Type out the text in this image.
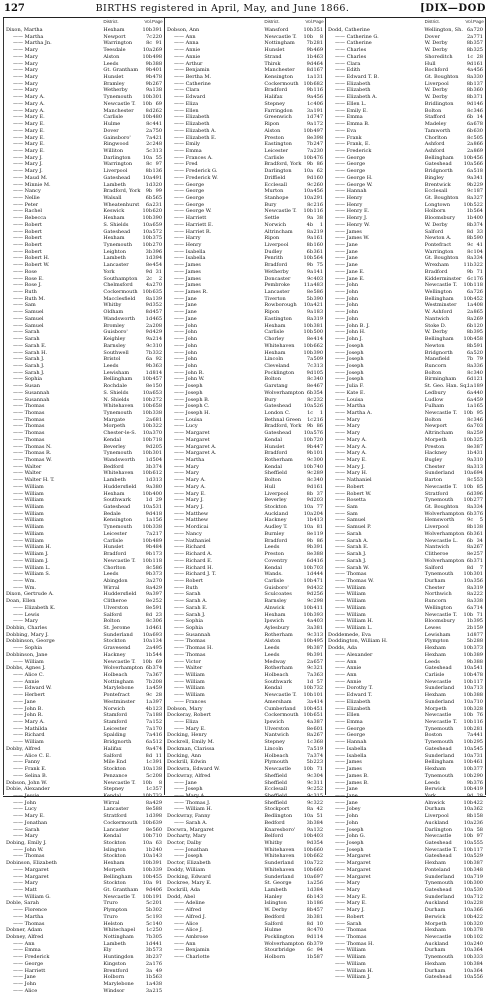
127	BIRTHS registered in April, May, and June 1866.	[DIX—DOD
District.	Vol. Page
Dixon, Martha	Hexham	10b 391
—— Martha	Newport	7c 220
—— Martha Jn.	Warrington	8c 91
—— Mary	Teesdale	10a 269
—— Mary	Alston	10b 498
—— Mary	Leeds	9b 388
—— Mary	Gt. Grantham	9b 401
—— Mary	Hunslet	9b 478
—— Mary	Bramley	9b 267
—— Mary	Wetherby	9a 138
—— Mary A.	Tynemouth	10b 301
—— Mary A.	Newcastle T.	10b 69
—— Mary A.	Manchester	8d 262
—— Mary E.	Carlisle	10b 480
—— Mary E.	Hulme	8c 441
—— Mary E.	Dover	2a 750
—— Mary E.	Gainsboro'	7a 421
—— Mary E.	Ringwood	2c 248
—— Mary E.	Williton	5c 313
—— Mary J.	Darlington	10a 55
—— Mary J.	Warrington	8c 97
—— Mary J.	Liverpool	8b 136
—— Maud M.	Gateshead	10a 491
—— Minnie M.	Lambeth	1d 320
—— Nancy	Bradford, York	9b 99
—— Nellie	Walsall	6b 565
—— Peter	Wheatenhurst	6a 231
—— Rachel	Keswick	10b 620
—— Rebecca	Hexham	10b 390
—— Robert	S. Shields	10a 659
—— Robert	Gateshead	10a 572
—— Robert	Hexham	10b 375
—— Robert	Tynemouth	10b 270
—— Robert	Leighton	3b 396
—— Robert H.	Lambeth	1d 394
—— Robert W.	Lancaster	8e 454
—— Rose	York	9d 31
—— Rose E.	Southampton	2c	2
—— Rose J.	Chelmsford	4a 270
—— Ruth	Cockermouth 10b 635
—— Ruth M.	Macclesfield	8a 139
—— Sam	Whitby	9d 352
—— Samuel	Oldham	8d 457
—— Samuel	Wandsworth	1d 465
—— Samuel	Bromley	2a 208
—— Sarah	Guisboro'	9d 429
—— Sarah	Keighley	9a 214
—— Sarah E.	Barnsley	9c 310
—— Sarah H.	Southwell	7b 332
—— Sarah J.	Bristol	6a 92
—— Sarah J.	Leeds	9b 363
—— Sarah J.	Lewisham	1d 814
—— Sophia	Bellingham	10b 457
—— Susan	Rochdale	8e 150
—— Susannah	S. Shields	10a 653
—— Susannah	N. Shields	10b 272
—— Thomas	Whitehaven	10b 658
—— Thomas	Tynemouth	10b 338
—— Thomas	Margate	2a 681
—— Thomas	Morpeth	10b 322
—— Thomas	Chester-le-S.	10a 370
—— Thomas	Kendal	10b 718
—— Thomas N.	Beverley	9d 205
—— Thomas R.	Tynemouth	10b 301
—— Thomas W.	Wandsworth	1d 504
—— Walter	Bedford	3b 374
—— Walter	Whitehaven	10b 612
—— Walter H. T.	Lambeth	1d 313
—— William	Huddersfield	9a 380
—— William	Hexham	10b 400
—— William	Southwark	1d 29
—— William	Gateshead	10a 531
—— William	Bedale	9d 418
—— William	Kensington	1a 156
—— William	Tynemouth	10b 338
—— William	Leicester	7a 217
—— William	Carlisle	10b 489
—— William H.	Hunslet	9b 484
—— William J.	Bradford	9b 173
—— William J.	Newcastle T.	10b 118
—— William L.	Chorlton	8c 586
—— William S.	Leeds	9b 373
—— Wm.	Abingdon	3a 270
—— Wm.	Wirral	8a 429
Dixon, Gertrude A.	Huddersfield	9a 397
Doan, Ellen	Clitheroe	8e 252
—— Elizabeth K.	Ulverston	8e 591
—— Lewis	Salford	8d 23
—— Mary	Bolton	8c 306
Dobbin, Charles	St. Jerome	1d 461
Dobbing, Mary J.	Sunderland	10a 693
Dobbinson, George	Stockton	10a 134
—— Sophia	Gravesend	2a 495
Dobbinson, Jane	Hackney	1b 544
—— William	Newcastle T.	10b 69
Dobbs, Agnes J.	Wolverhampton 6b 374
—— Alice C.	Holbeach	7a 367
—— Annie	Nottingham	7b 208
—— Edward W.	Marylebone	1a 459
—— Herbert	Pontefract	9c 28
—— Jane	Westminster	1a 397
—— John B.	Norwich	4b 123
—— John R.	Stamford	7a 188
—— Mary A.	Stamford	7a 152
—— Mathilda	Leicester	7a 170
—— Richard	Spalding	7a 416
—— William	Bridgnorth	6a 512
Dobby, Alfred	Halifax	9a 474
—— Alice C. E.	Salford	8d 11
—— Fanny	Mile End	1c 391
—— Frank E.	Stockton	10a 138
—— Selina B.	Penzance	5c 208
Dobson, John W.	Newcastle T.	10b	8
Dobie, Alexander	Stepney	1c 357
—— Jessie	Kendal	10b 733
—— John	Wirral	8a 429
—— Lucy	Lancaster	8e 588
—— Mary E.	Stratford	1d 398
—— Jonathan	Cockermouth 10b 639
—— Sarah	Lancaster	8e 560
—— Mary	Kendal	10b 710
Dobing, Emily J.	Stockton	10a 63
—— John W.	Islington	1b 240
—— Thomas	Stockton	10a 143
Dobinson, Elizabeth	Hexham	10b 391
—— Margaret	Morpeth	10b 339
—— Margaret	Bellingham	10b 455
—— Mary	Stockton	10a 91
—— Matt	Gt. Grantham	9d 406
—— William G.	Newcastle T.	10b 191
Doble, Sarah	Truro	5c 201
—— Florence	Plympton	5b 302
—— Martha	Truro	5c 193
—— Thomas	Helston	5c 140
Dobner, Adam	Whitechapel	1c 250
Dobney, Alfred	Nottingham	7b 305
—— Ann	Lambeth	1d 441
—— Emma	Ely	3b 573
—— Frederick	Huntingdon	3b 237
—— George	Kingston	2a 176
—— Harriett	Brentford	3a 49
—— Jane	Holborn	1b 563
—— John	Marylebone	1a 438
—— Alice	Windsor	3a 215
District.	Vol. Page
Dobson, Ann	Wansford	10b 351
—— Ann	Newcastle T.	10b	8
—— Anna	Nottingham	7b 281
—— Annie	Hunslet	9b 469
—— Annie	Strand	1b 463
—— Arthur	Thirsk	9d 464
—— Benjamin	Manchester	8d 167
—— Bertha M.	Kensington	1a 131
—— Catherine	Cockermouth 10b 682
—— Clara	Bradford	9b 116
—— Edward	Halifax	9a 456
—— Eliza	Stepney	1c 406
—— Ellen	Farringdon	3a 191
—— Elizabeth	Greenwich	1d 747
—— Elizabeth	Ripon	9a 172
—— Elizabeth A.	Alston	10b 497
—— Elizabeth E.	Preston	8e 398
—— Emily	Eastington	7b 247
—— Emma	Leicester	7a 230
—— Frances A.	Carlisle	10b 476
—— Fred	Bradford, York	9b 86
—— Frederick G.	Darlington	10a 62
—— Frederick W.	Driffield	9d 160
—— George	Ecclesall	9c 260
—— George	Murton	10a 456
—— George	Stanhope	10a 291
—— George	Bury	8c 216
—— George W.	Newcastle T.	10b 116
—— Harriett	Settle	9a 38
—— Harriett E.	Norwich	4b	1
—— Harriet R.	Altrincham	8a 219
—— Harry	Ripon	9a 161
—— Henry	Liverpool	8b 160
—— Isabella	Dudley	6b 361
—— Isabella	Penrith	10b 564
—— James	Bradford	9b 75
—— James	Wetherby	9a 141
—— James	Doncaster	9c 403
—— James	Pembroke	11a 483
—— James R.	Lancaster	8e 586
—— Jane	Tiverton	5b 390
—— Jane	Rowborough	10a 421
—— Jane	Ripon	9a 183
—— Jane	Eastington	8a 319
—— John	Hexham	10b 381
—— John	Carlisle	10b 500
—— John	Chorley	8e 414
—— John	Whitehaven	10b 662
—— John	Hexham	10b 390
—— John	Lincoln	7a 509
—— John	Cleveland	7c 313
—— John R.	Pocklington	9d 105
—— John W.	Bolton	8c 340
—— Joseph	Garstang	8e 467
—— Joseph	Wolverhampton 6b 354
—— Joseph B.	Bury	8c 232
—— Joseph C.	Gateshead	10a 526
—— Joseph H.	London C.	1c	1
—— Louisa	Bethnal Green	1c 216
—— Lucy	Bradford, York	9b 86
—— Margaret	Gateshead	10a 576
—— Margaret	Kendal	10b 720
—— Margaret A.	Hunslet	9b 447
—— Margaret A.	Bradford	9b 101
—— Martha	Rotherham	9c 300
—— Mary	Kendal	10b 740
—— Mary	Sheffield	9c 289
—— Mary A.	Bolton	8c 340
—— Mary A.	Hull	9d 161
—— Mary E.	Liverpool	8b 37
—— Mary J.	Beverley	9d 203
—— Mary J.	Stockton	10a 77
—— Matthew	Auckland	10a 204
—— Matthew	Hackney	1b 413
—— Mordicai	Audley T.	10a 81
—— Nancy	Burnley	8e 119
—— Nathaniel	Bradford	9b 86
—— Richard	Leeds	9b 391
—— Richard A.	Preston	8e 388
—— Richard E.	Coventry	6d 416
—— Richard H.	Kendal	10b 703
—— Richard J. T.	Wands.	1d 444
—— Robert	Carlisle	10b 471
—— Ruth	Guisboro'	9d 432
—— Sarah	Sculcoates	9d 256
—— Sarah A.	Barnsley	9c 298
—— Sarah E.	Alnwick	10b 411
—— Sarah J.	Hexham	10b 393
—— Sophia	Ipswich	4a 403
—— Sophia	Aylesbury	3a 381
—— Susannah	Rotherham	9c 313
—— Thomas	Alston	10b 495
—— Thomas H.	Leeds	9b 387
—— Thomas	Leeds	9b 391
—— Victor	Medway	2a 657
—— Walter	Rotherham	9c 321
—— William	Holbeach	7a 363
—— William	Southwark	1d 57
—— William	Kendal	10b 732
—— William	Newcastle T.	10b 101
—— Frances	Amersham	3a 414
Dobson, Mary	Cumberland	10b 451
Dockeray, Robert	Cockermouth 10b 651
—— Eliza	Ipswich	4a 387
—— Mary E.	Ulverston	8e 601
Docking, Henry	Nantwich	8a 267
Dockrell, Emily M.	Stepney	1c 368
Dockman, Clarissa	Lincoln	7a 519
Docking, Ann	Holbeach	7a 374
Dockrill, Edwin	Plymouth	5b 223
Dockwra, Edward W.	Newcastle	10b 71
Dockwray, Alfred	Sheffield	9c 304
—— Jane	Sheffield	9c 311
—— Joseph	Ecclesall	9c 252
—— Mary A.	Sheffield	9c 315
—— Thomas J.	Sheffield	9c 322
—— William H.	Stockport	8a 42
Dockwray, Fanny	Bedlington	10a 51
—— Sarah A.	Bedford	3b 384
Docwra, Margaret	Knaresboro'	9a 132
Docharty, Mary	Belford	10b 403
Doctor, Dalby	Whitby	9d 354
—— Jonathan	Whitehaven	10b 660
—— Joseph	Whitehaven	10b 662
Doctor, Elizabeth	Sunderland	10a 722
Doddy, William	Whitehaven	10b 660
Docking, Edward	Sunderland	10a 697
Dockree, Mary E.	St. George	1a 256
Dockrill, Ada	Lambeth	1d 384
Dodd, Abel	Hanley	6b 143
—— Adeline	Islington	1b 186
—— Alfred	W. Derby	8b 457
—— Alfred J.	Bedford	3b 381
—— Alice	Salford	8d 10
—— Alice J.	Hulme	8c 470
—— Ambrose	Pocklington	9d 114
—— Ann	Wolverhampton 6b 379
—— Benjamin	Stourbridge	6c 94
—— Charlotte	Holborn	1b 587
District.	Vol. Page
Dodd, Catherine	Wellington, Sh. 6a 720
—— Catherine G.	Dover	2a 771
—— Catherine	W. Derby	8b 357
—— Charles	W. Derby	8b 325
—— Charles	Shoreditch	1c 28
—— Clara	Hull	9d 161
—— Edith	Rochford	4a 456
—— Edward T. B.	Gt. Boughton	8a 330
—— Elizabeth	Liverpool	8b 137
—— Elizabeth	W. Derby	8b 360
—— Elizabeth A.	W. Derby	8b 371
—— Ellen L.	Bridlington	9d 146
—— Emily E.	Bolton	8c 346
—— Emma	Stafford	6b 14
—— Emma B.	Madeley	6a 678
—— Eva	Tamworth	6b 630
—— Frank	Chorlton	8c 505
—— Frank, E.	Ashford	2a 866
—— Frederick	Ashford	2a 869
—— George	Bellingham	10b 456
—— George	Gateshead	10a 566
—— George	Bridgnorth	6a 518
—— George H.	Bingley	9a 341
—— George W.	Brentwick	9b 229
—— Hannah	Ecclesall	9c 187
—— Henry	Gt. Boughton	8a 327
—— Henry	Longtown	10b 522
—— Henry E.	Holborn	1b 564
—— Henry J.	Bloomsbury	1b 400
—— Henry W.	W. Derby	8b 374
—— James	Salford	8d 33
—— James W.	Newton A.	8b 590
—— Jane	Pontefract	9c 41
—— Jane	Warrington	8c 104
—— Jane	Gt. Boughton	8a 334
—— Jane	Wrexham	11b 322
—— Jane E.	Bradford	9b 71
—— Jane E.	Kidderminster	6c 176
—— John	Newcastle T.	10b 118
—— John	Wellington	6a 726
—— John	Bellingham	10b 452
—— John	Westminster	1a 408
—— John	W. Ashford	2a 865
—— John	Nantwich	8a 269
—— John B. J.	Stoke D.	6b 120
—— John H.	W. Derby	8b 395
—— John J.	Bellingham	10b 458
—— Joseph	Newton	8b 591
—— Joseph	Bridgnorth	6a 520
—— Joseph	Mansfield	7b 79
—— Joseph	Runcorn	8a 336
—— Joseph	Bolton	8c 340
—— Joseph	Birmingham	6d 121
—— Julia F.	St. Geo. Han. Sq.
1a 189
—— Kate E.	Ledbury	6a 440
—— Louisa	Ludlow	6a 459
—— Martha	Fulham	1a 165
—— Martha A.	Newcastle T.	10b 95
—— Mary	Bolton	8c 346
—— Mary	Newport	6a 703
—— Mary	Altrincham	8a 259
—— Mary A.	Morpeth	10b 325
—— Mary A.	Preston	8e 387
—— Mary A.	Hackney	1b 431
—— Mary E.	Bugley	9a 310
—— Mary J.	Chester	8a 313
—— Mary H.	Sunderland	10a 694
—— Nathaniel	Barton	8c 553
—— Robert	Newcastle T.	10b 85
—— Robert W.	Stratford	6d 396
—— Rosetta	Tynemouth	10b 277
—— Sam	Gt. Boughton	8a 334
—— Sam	Wolverhampton 6b 376
—— Samuel	Hemsworth	9c	5
—— Samuel P.	Liverpool	8b 138
—— Sarah	Wolverhampton 6b 361
—— Sarah A.	Newcastle L.	6b 34
—— Sarah E.	Nantwich	8a 267
—— Sarah J.	Clitheroe	8e 257
—— Sarah J.	Wolverhampton 6b 371
—— Sarah W.	Salford	8d	7
—— Thomas	Tynemouth	10b 301
—— Thomas W.	Durham	10a 356
—— William	Chester	8a 319
—— William	Northwich	8a 222
—— William	Runcorn	8a 338
—— William	Wellington	6a 714
—— William	Newcastle T.	10b 71
—— William H.	Bloomsbury	1b 395
—— William L.	Lewes	2b 159
Doddemede, Eva	Lewisham	1d 877
Doddington, William H.	Plympton	5b 288
Dodds, Ada	Hexham	10b 373
—— Alexander	Hexham	10b 389
—— Ann	Leeds	9b 388
—— Annie	Gateshead	10a 541
—— Ann	Carlisle	10b 478
—— Annie	Newcastle	10b 117
—— Dorothy T.	Sunderland	10a 713
—— Edward T.	Hexham	10b 388
—— Elizabeth	Sunderland	10a 710
—— Elizabeth	Morpeth	10b 328
—— Ellen	Newcastle	10b 76
—— Emma	Newcastle T.	10b 116
—— George	Tynemouth	10b 281
—— George	Boston	7a 441
—— Hannah	Tynemouth	10b 295
—— Isabella	Gateshead	10a 545
—— Isabella	Sunderland	10a 731
—— James	Bellingham	10b 461
—— James	Hexham	10b 377
—— James B.	Tynemouth	10b 290
—— James B.	Leeds	9b 376
—— Jane	Berwick	10b 419
—— Jane	York	9d 28
—— Jane	Alnwick	10b 422
—— Jobey	Durham	10a 362
—— John	Liverpool	8b 158
—— John	Auckland	10a 236
—— Joseph	Darlington	10a 58
—— John G.	Newcastle	10b 97
—— Joseph	Gateshead	10a 555
—— Joseph	Newcastle T.	10b 117
—— Margaret	Gateshead	10a 529
—— Margaret	Hexham	10b 387
—— Margaret	Ponteland	10b 348
—— Margaret	Sunderland	10a 719
—— Mary	Tynemouth	10b 300
—— Mary	Gateshead	10a 530
—— Mary E.	Sunderland	10a 712
—— Mary E.	Auckland	10a 228
—— Mary J.	Durham	10a 366
—— Robert	Berwick	10b 422
—— Sarah	Morpeth	10b 320
—— Thomas	Hexham	10b 378
—— Thomas	Newcastle	10b 102
—— Thomas H.	Auckland	10a 240
—— William	Durham	10a 364
—— William	Tynemouth	10b 333
—— William	Hexham	10b 384
—— William H.	Durham	10a 364
—— William J.	Gateshead	10a 556
